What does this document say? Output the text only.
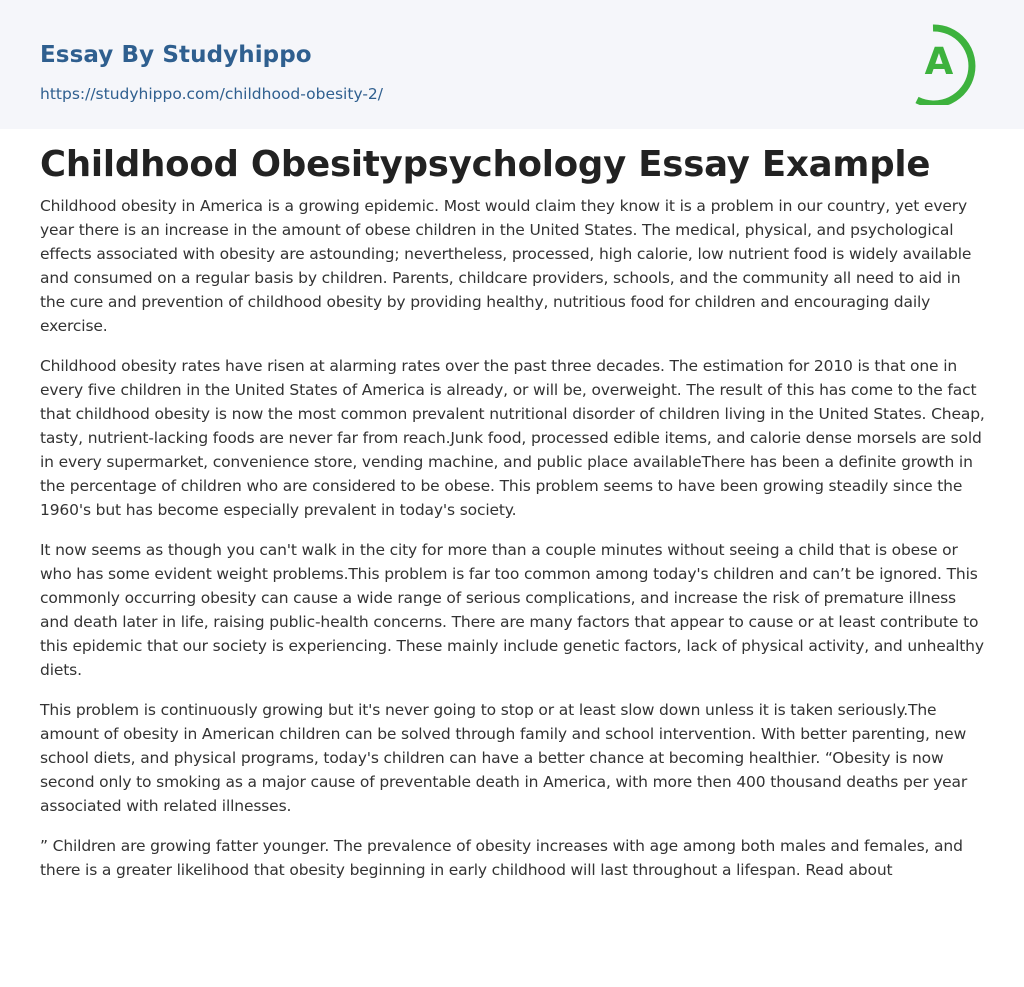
Essay By Studyhippo
https://studyhippo.com/childhood-obesity-2/
A
Childhood Obesitypsychology Essay Example

Childhood obesity in America is a growing epidemic. Most would claim they know it is a problem in our country, yet every year there is an increase in the amount of obese children in the United States. The medical, physical, and psychological effects associated with obesity are astounding; nevertheless, processed, high calorie, low nutrient food is widely available and consumed on a regular basis by children. Parents, childcare providers, schools, and the community all need to aid in the cure and prevention of childhood obesity by providing healthy, nutritious food for children and encouraging daily exercise.

Childhood obesity rates have risen at alarming rates over the past three decades. The estimation for 2010 is that one in every five children in the United States of America is already, or will be, overweight. The result of this has come to the fact that childhood obesity is now the most common prevalent nutritional disorder of children living in the United States. Cheap, tasty, nutrient-lacking foods are never far from reach.Junk food, processed edible items, and calorie dense morsels are sold in every supermarket, convenience store, vending machine, and public place availableThere has been a definite growth in the percentage of children who are considered to be obese. This problem seems to have been growing steadily since the 1960's but has become especially prevalent in today's society.

It now seems as though you can't walk in the city for more than a couple minutes without seeing a child that is obese or who has some evident weight problems.This problem is far too common among today's children and can’t be ignored. This commonly occurring obesity can cause a wide range of serious complications, and increase the risk of premature illness and death later in life, raising public-health concerns. There are many factors that appear to cause or at least contribute to this epidemic that our society is experiencing. These mainly include genetic factors, lack of physical activity, and unhealthy diets.

This problem is continuously growing but it's never going to stop or at least slow down unless it is taken seriously.The amount of obesity in American children can be solved through family and school intervention. With better parenting, new school diets, and physical programs, today's children can have a better chance at becoming healthier. “Obesity is now second only to smoking as a major cause of preventable death in America, with more then 400 thousand deaths per year associated with related illnesses.

” Children are growing fatter younger. The prevalence of obesity increases with age among both males and females, and there is a greater likelihood that obesity beginning in early childhood will last throughout a lifespan. Read about
